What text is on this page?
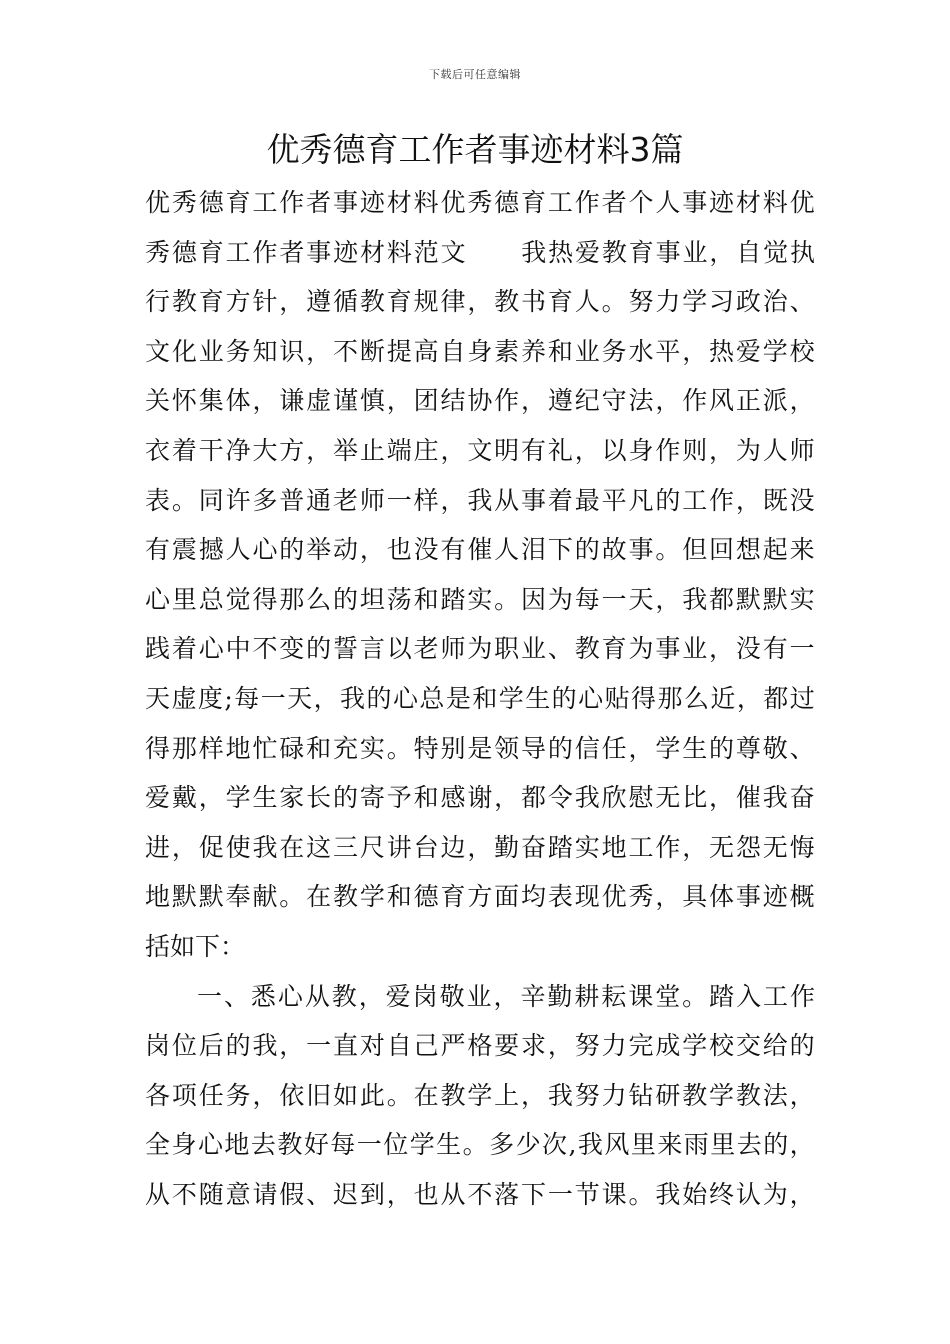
下载后可任意编辑
优秀德育工作者事迹材料3篇
优 秀 德 育 工 作 者 事 迹 材 料 优 秀 德 育 工 作 者 个 人 事 迹 材 料 优
秀 德 育 工 作 者 事 迹 材 料 范 文

　 我 热 爱 教 育 事 业 ， 自 觉 执
行 教 育 方 针 ， 遵 循 教 育 规 律 ， 教 书 育 人 。 努 力 学 习 政 治 、
文 化 业 务 知 识 ， 不 断 提 高 自 身 素 养 和 业 务 水 平 ， 热 爱 学 校
关 怀 集 体 ， 谦 虚 谨 慎 ， 团 结 协 作 ， 遵 纪 守 法 ， 作 风 正 派 ，
衣 着 干 净 大 方 ， 举 止 端 庄 ， 文 明 有 礼 ， 以 身 作 则 ， 为 人 师
表 。 同 许 多 普 通 老 师 一 样 ， 我 从 事 着 最 平 凡 的 工 作 ， 既 没
有 震 撼 人 心 的 举 动 ， 也 没 有 催 人 泪 下 的 故 事 。 但 回 想 起 来
心 里 总 觉 得 那 么 的 坦 荡 和 踏 实 。 因 为 每 一 天 ， 我 都 默 默 实
践 着 心 中 不 变 的 誓 言 以 老 师 为 职 业 、 教 育 为 事 业 ， 没 有 一
天 虚 度 ; 每 一 天 ， 我 的 心 总 是 和 学 生 的 心 贴 得 那 么 近 ， 都 过
得 那 样 地 忙 碌 和 充 实 。 特 别 是 领 导 的 信 任 ， 学 生 的 尊 敬 、
爱 戴 ， 学 生 家 长 的 寄 予 和 感 谢 ， 都 令 我 欣 慰 无 比 ， 催 我 奋
进 ， 促 使 我 在 这 三 尺 讲 台 边 ， 勤 奋 踏 实 地 工 作 ， 无 怨 无 悔
地 默 默 奉 献 。 在 教 学 和 德 育 方 面 均 表 现 优 秀 ， 具 体 事 迹 概
括 如 下 ：
一 、 悉 心 从 教 ， 爱 岗 敬 业 ， 辛 勤 耕 耘 课 堂 。 踏 入 工 作
岗 位 后 的 我 ， 一 直 对 自 己 严 格 要 求 ， 努 力 完 成 学 校 交 给 的
各 项 任 务 ， 依 旧 如 此 。 在 教 学 上 ， 我 努 力 钻 研 教 学 教 法 ，
全 身 心 地 去 教 好 每 一 位 学 生 。 多 少 次 , 我 风 里 来 雨 里 去 的 ，
从 不 随 意 请 假 、 迟 到 ， 也 从 不 落 下 一 节 课 。 我 始 终 认 为 ，
